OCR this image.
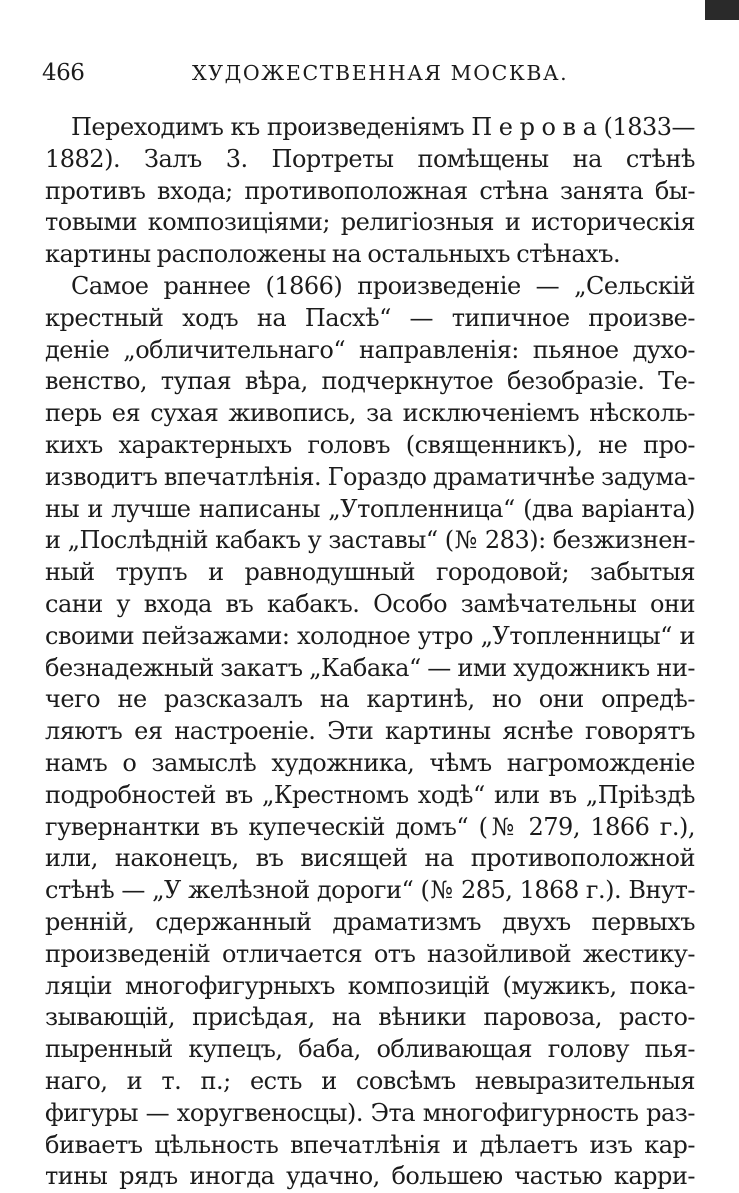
466	ХУДОЖЕСТВЕННАЯ МОСКВА.
Переходимъ къ произведеніямъ П е р о в а (1833—
1882). Залъ 3. Портреты помѣщены на стѣнѣ
противъ входа; противоположная стѣна занята бы-
товыми композиціями; религіозныя и историческія
картины расположены на остальныхъ стѣнахъ.
Самое раннее (1866) произведеніе — „Сельскій
крестный ходъ на Пасхѣ“ — типичное произве-
деніе „обличительнаго“ направленія: пьяное духо-
венство, тупая вѣра, подчеркнутое безобразіе. Те-
перь ея сухая живопись, за исключеніемъ нѣсколь-
кихъ характерныхъ головъ (священникъ), не про-
изводитъ впечатлѣнія. Гораздо драматичнѣе задума-
ны и лучше написаны „Утопленница“ (два варіанта)
и „Послѣдній кабакъ у заставы“ (№ 283): безжизнен-
ный трупъ и равнодушный городовой; забытыя
сани у входа въ кабакъ. Особо замѣчательны они
своими пейзажами: холодное утро „Утопленницы“ и
безнадежный закатъ „Кабака“ — ими художникъ ни-
чего не разсказалъ на картинѣ, но они опредѣ-
ляютъ ея настроеніе. Эти картины яснѣе говорятъ
намъ о замыслѣ художника, чѣмъ нагроможденіе
подробностей въ „Крестномъ ходѣ“ или въ „Пріѣздѣ
гувернантки въ купеческій домъ“ (№ 279, 1866 г.),
или, наконецъ, въ висящей на противоположной
стѣнѣ — „У желѣзной дороги“ (№ 285, 1868 г.). Внут-
ренній, сдержанный драматизмъ двухъ первыхъ
произведеній отличается отъ назойливой жестику-
ляціи многофигурныхъ композицій (мужикъ, пока-
зывающій, присѣдая, на вѣники паровоза, расто-
пыренный купецъ, баба, обливающая голову пья-
наго, и т. п.; есть и совсѣмъ невыразительныя
фигуры — хоругвеносцы). Эта многофигурность раз-
биваетъ цѣльность впечатлѣнія и дѣлаетъ изъ кар-
тины рядъ иногда удачно, большею частью карри-
